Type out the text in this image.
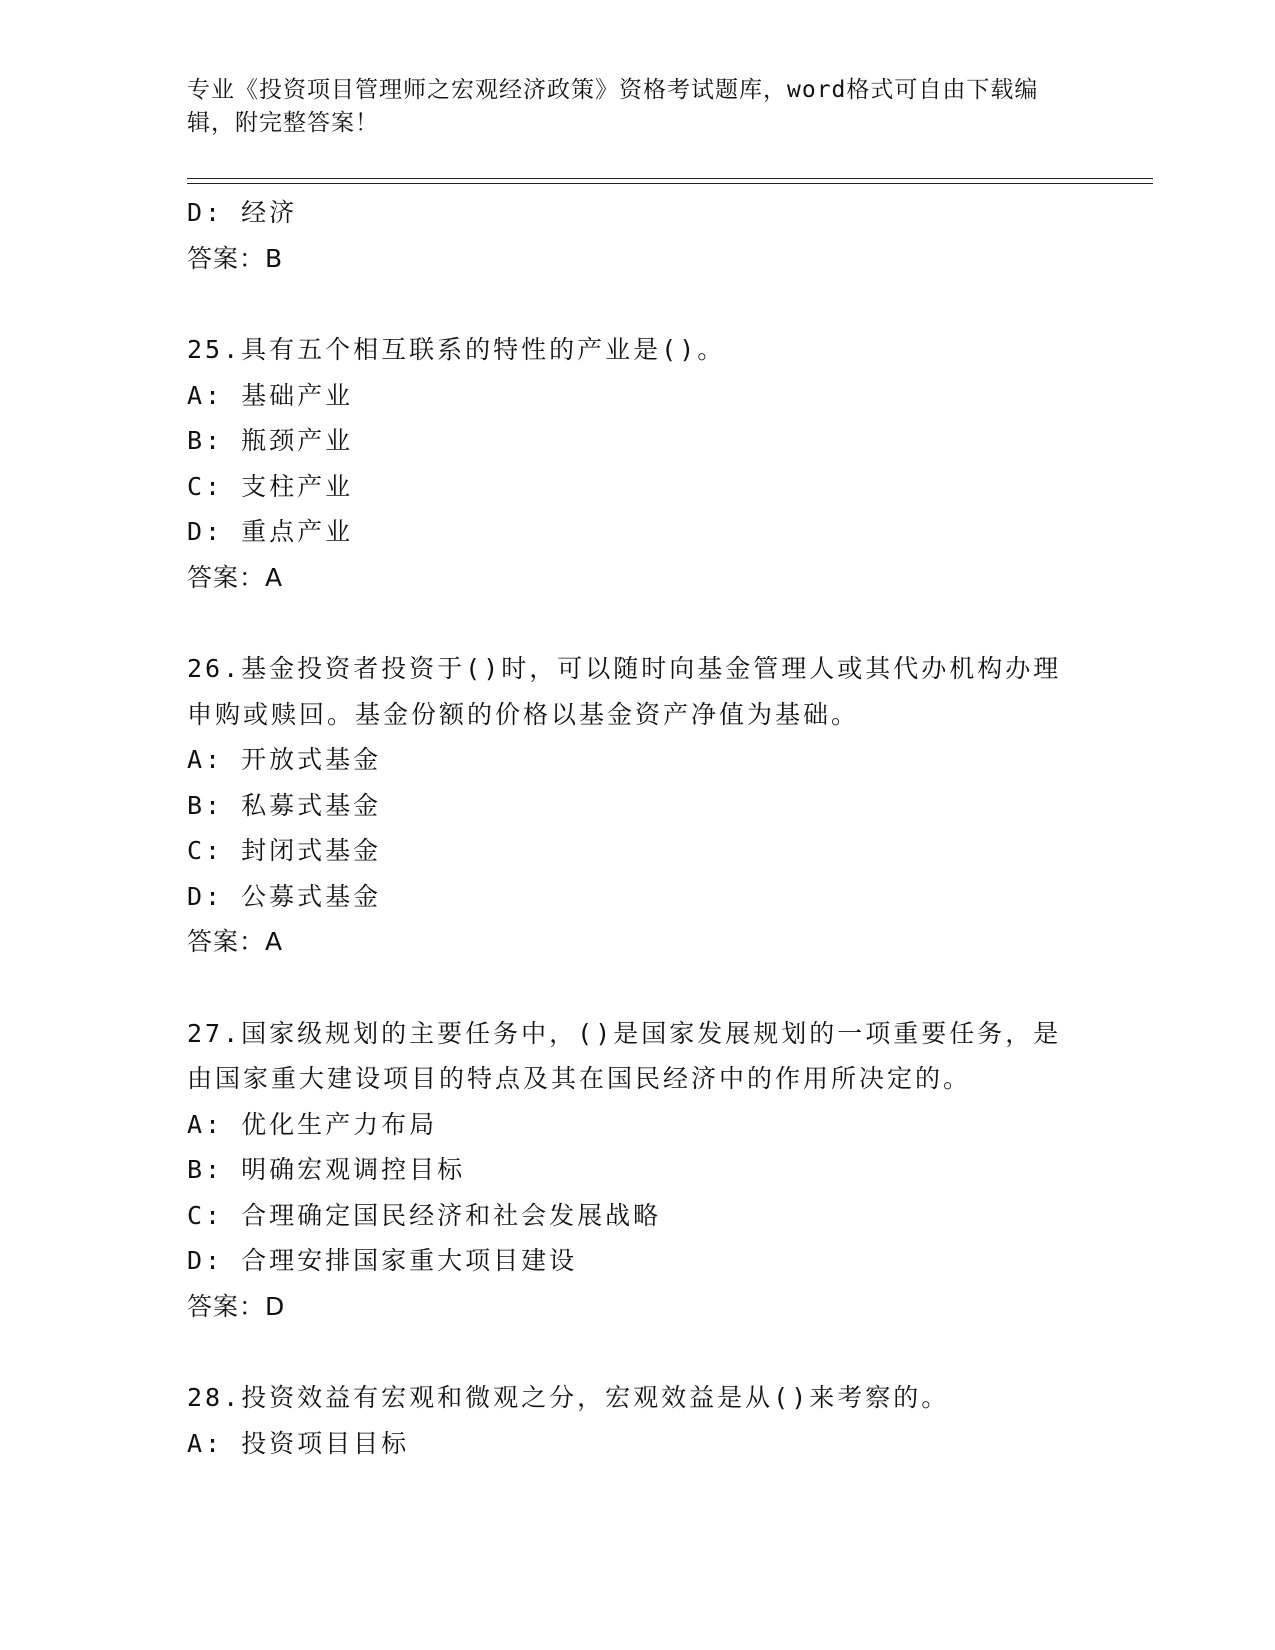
专业《投资项目管理师之宏观经济政策》资格考试题库，word格式可自由下载编
辑，附完整答案！
D: 经济
答案：B
25.具有五个相互联系的特性的产业是()。
A: 基础产业
B: 瓶颈产业
C: 支柱产业
D: 重点产业
答案：A
26.基金投资者投资于()时，可以随时向基金管理人或其代办机构办理
申购或赎回。基金份额的价格以基金资产净值为基础。
A: 开放式基金
B: 私募式基金
C: 封闭式基金
D: 公募式基金
答案：A
27.国家级规划的主要任务中，()是国家发展规划的一项重要任务，是
由国家重大建设项目的特点及其在国民经济中的作用所决定的。
A: 优化生产力布局
B: 明确宏观调控目标
C: 合理确定国民经济和社会发展战略
D: 合理安排国家重大项目建设
答案：D
28.投资效益有宏观和微观之分，宏观效益是从()来考察的。
A: 投资项目目标
